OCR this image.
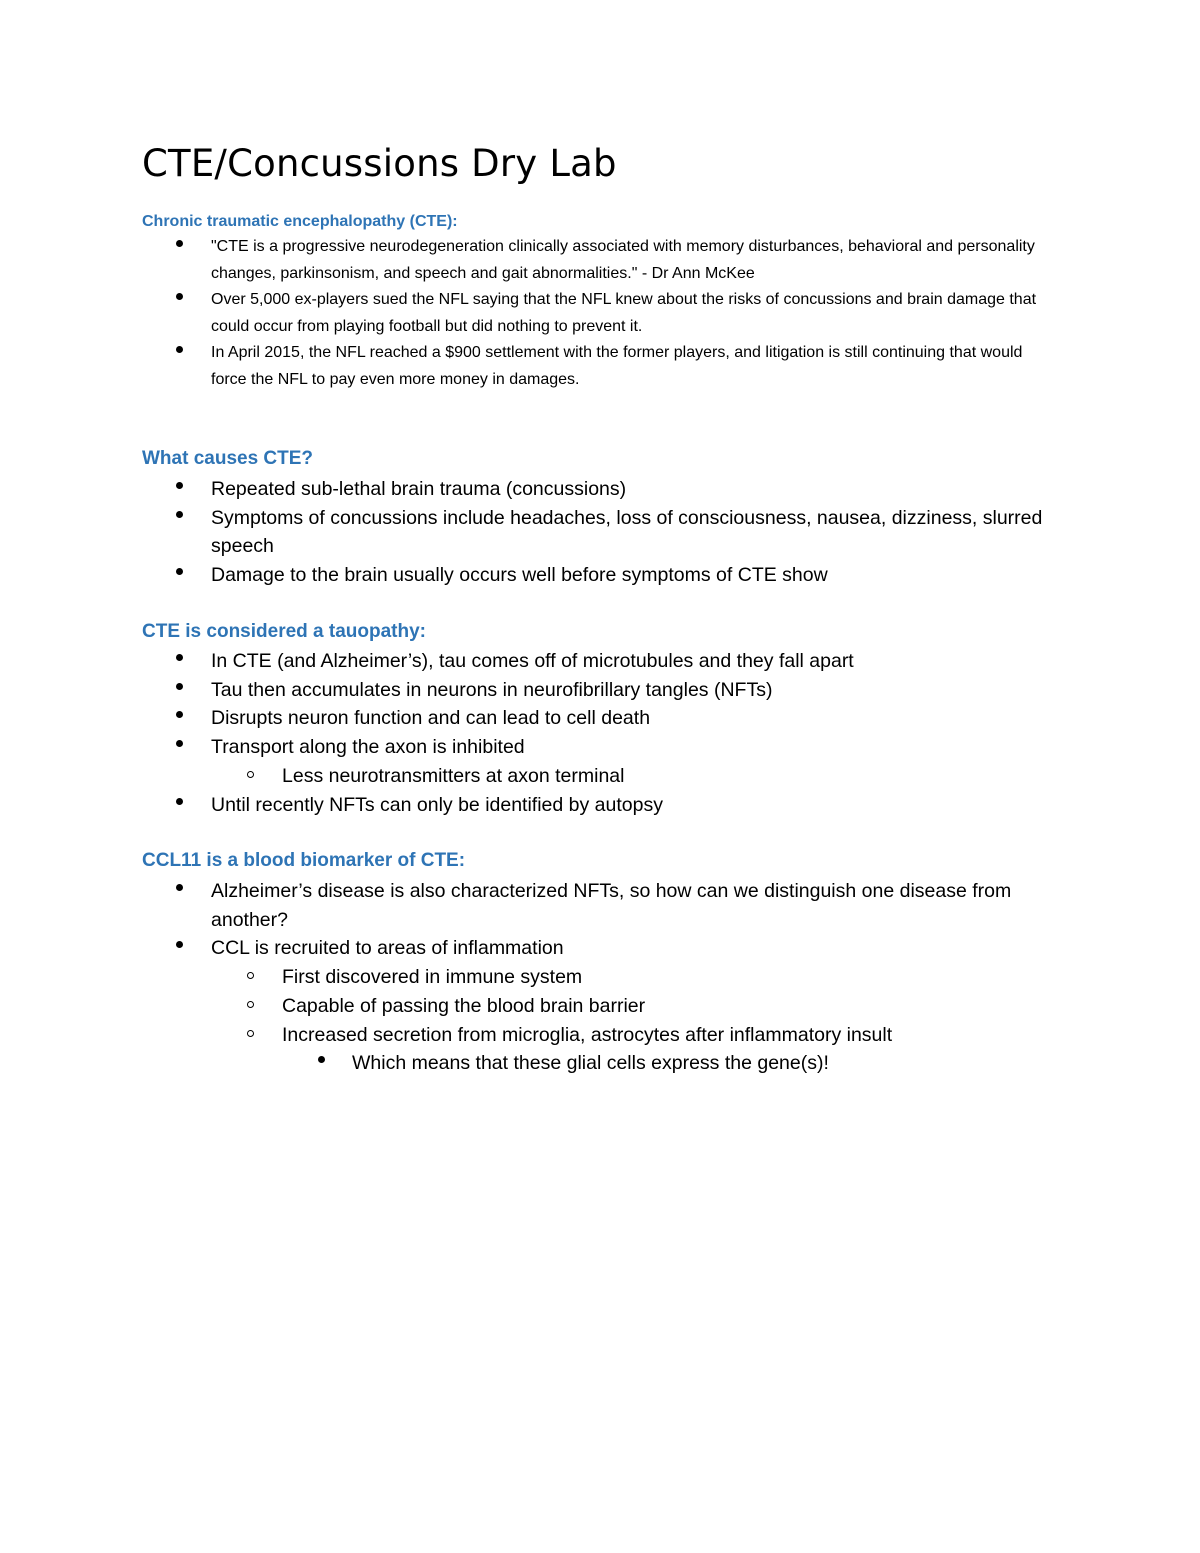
CTE/Concussions Dry Lab
Chronic traumatic encephalopathy (CTE):
"CTE is a progressive neurodegeneration clinically associated with memory disturbances, behavioral and personality changes, parkinsonism, and speech and gait abnormalities." - Dr Ann McKee
Over 5,000 ex-players sued the NFL saying that the NFL knew about the risks of concussions and brain damage that could occur from playing football but did nothing to prevent it.
In April 2015, the NFL reached a $900 settlement with the former players, and litigation is still continuing that would force the NFL to pay even more money in damages.
What causes CTE?
Repeated sub-lethal brain trauma (concussions)
Symptoms of concussions include headaches, loss of consciousness, nausea, dizziness, slurred speech
Damage to the brain usually occurs well before symptoms of CTE show
CTE is considered a tauopathy:
In CTE (and Alzheimer’s), tau comes off of microtubules and they fall apart
Tau then accumulates in neurons in neurofibrillary tangles (NFTs)
Disrupts neuron function and can lead to cell death
Transport along the axon is inhibited
Less neurotransmitters at axon terminal
Until recently NFTs can only be identified by autopsy
CCL11 is a blood biomarker of CTE:
Alzheimer’s disease is also characterized NFTs, so how can we distinguish one disease from another?
CCL is recruited to areas of inflammation
First discovered in immune system
Capable of passing the blood brain barrier
Increased secretion from microglia, astrocytes after inflammatory insult
Which means that these glial cells express the gene(s)!
